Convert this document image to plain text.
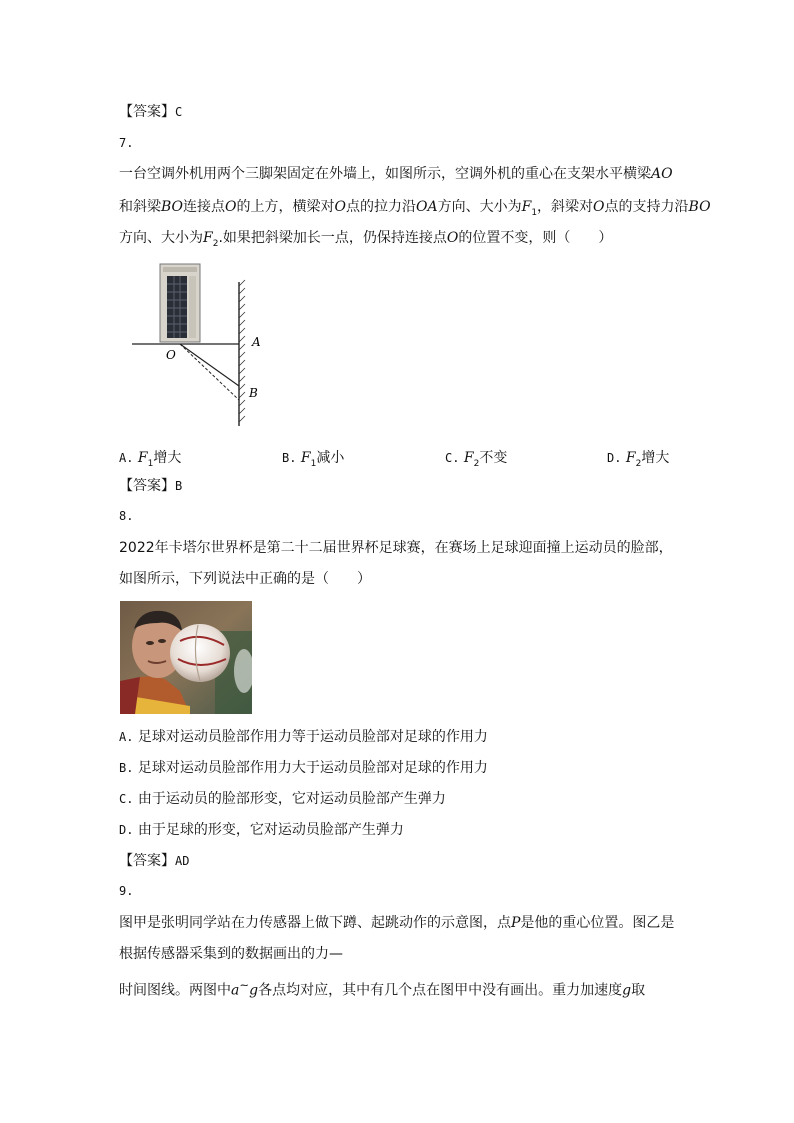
【答案】C
7.
一台空调外机用两个三脚架固定在外墙上，如图所示，空调外机的重心在支架水平横梁AO
和斜梁BO连接点O的上方，横梁对O点的拉力沿OA方向、大小为$F_1$，斜梁对O点的支持力沿BO
方向、大小为$F_2$.如果把斜梁加长一点，仍保持连接点O的位置不变，则（　　）
O
A
B
A. $F_1$增大	B. $F_1$减小	C. $F_2$不变	D. $F_2$增大
【答案】B
8.
2022年卡塔尔世界杯是第二十二届世界杯足球赛，在赛场上足球迎面撞上运动员的脸部，
如图所示，下列说法中正确的是（　　）
A. 足球对运动员脸部作用力等于运动员脸部对足球的作用力
B. 足球对运动员脸部作用力大于运动员脸部对足球的作用力
C. 由于运动员的脸部形变，它对运动员脸部产生弹力
D. 由于足球的形变，它对运动员脸部产生弹力
【答案】AD
9.
图甲是张明同学站在力传感器上做下蹲、起跳动作的示意图，点P是他的重心位置。图乙是
根据传感器采集到的数据画出的力—
时间图线。两图中a~g各点均对应，其中有几个点在图甲中没有画出。重力加速度g取
